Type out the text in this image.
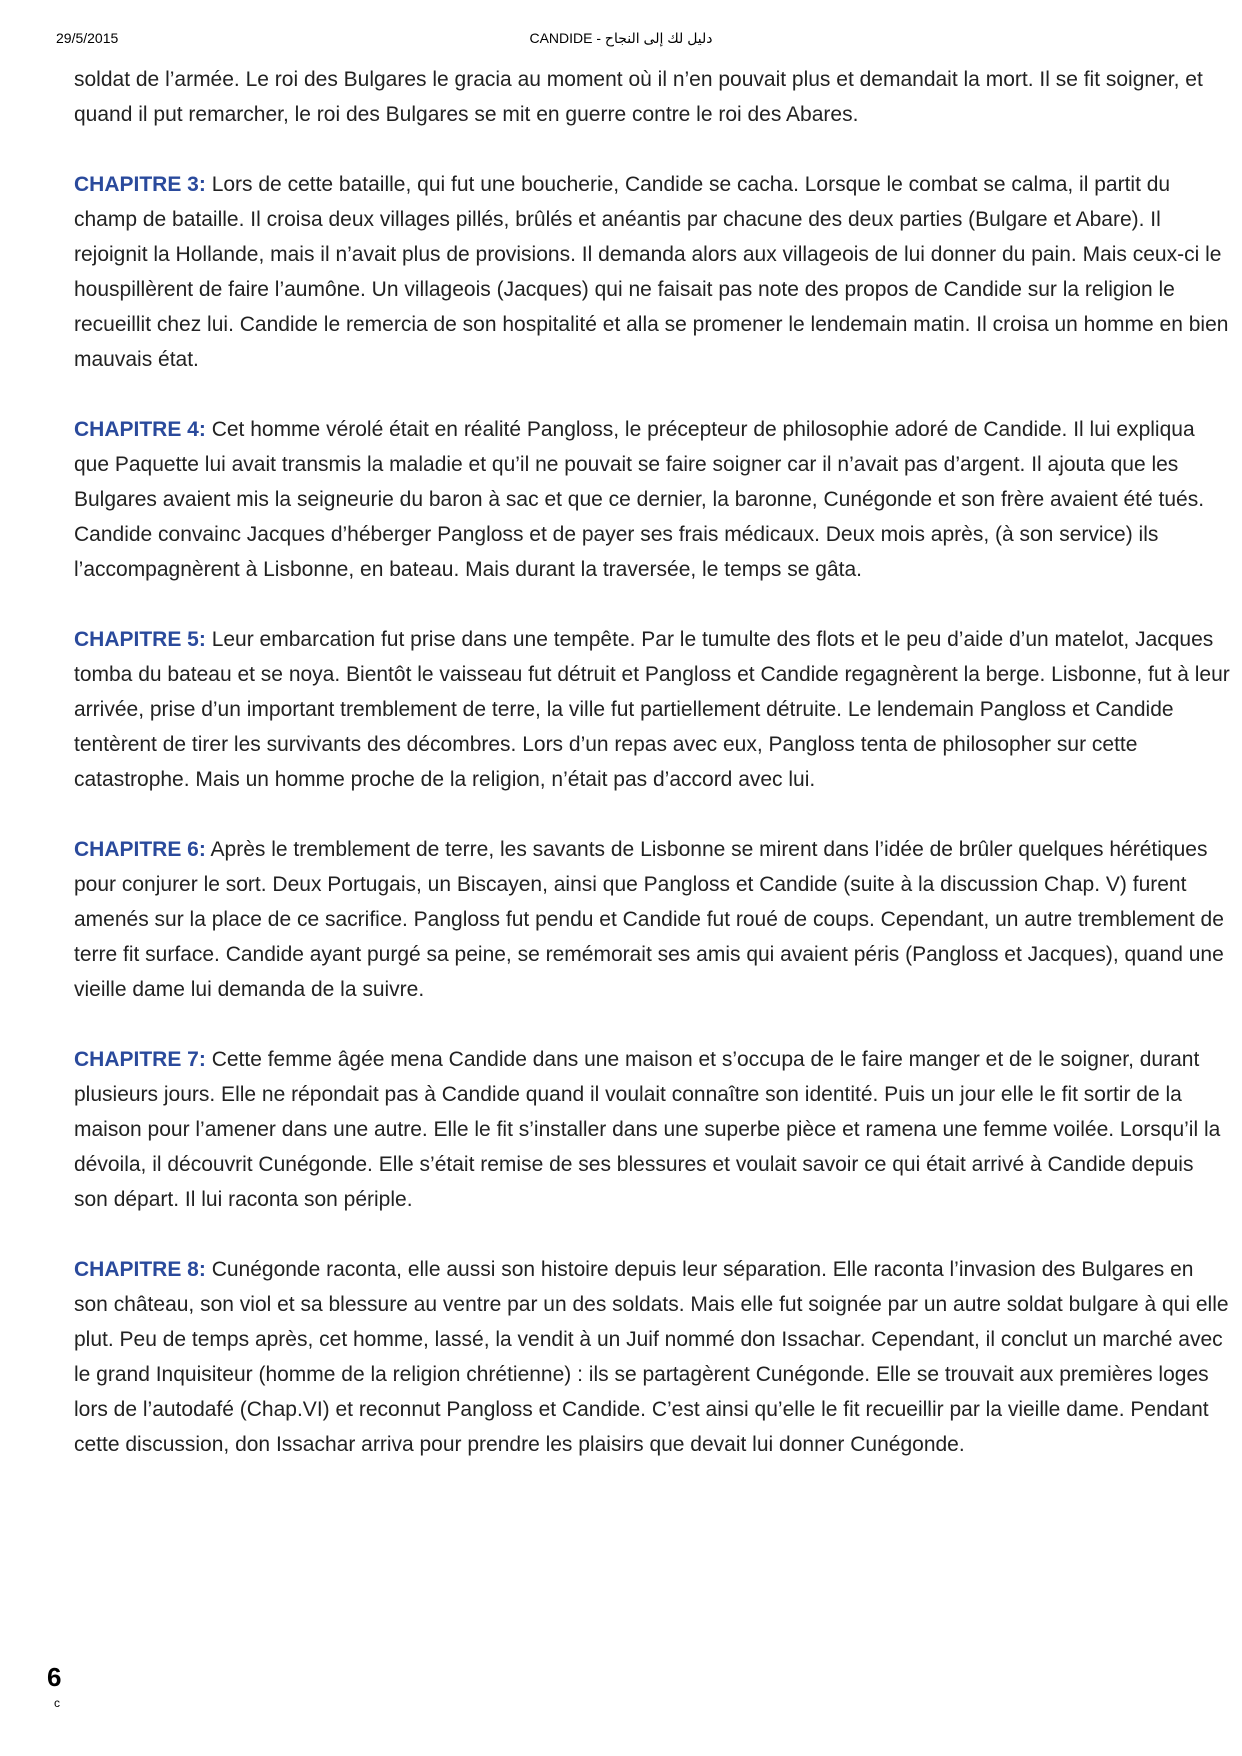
29/5/2015	CANDIDE - دليل لك إلى النجاح

soldat de l’armée. Le roi des Bulgares le gracia au moment où il n’en pouvait plus et demandait la mort. Il se fit soigner, et quand il put remarcher, le roi des Bulgares se mit en guerre contre le roi des Abares.

CHAPITRE 3: Lors de cette bataille, qui fut une boucherie, Candide se cacha. Lorsque le combat se calma, il partit du champ de bataille. Il croisa deux villages pillés, brûlés et anéantis par chacune des deux parties (Bulgare et Abare). Il rejoignit la Hollande, mais il n’avait plus de provisions. Il demanda alors aux villageois de lui donner du pain. Mais ceux-ci le houspillèrent de faire l’aumône. Un villageois (Jacques) qui ne faisait pas note des propos de Candide sur la religion le recueillit chez lui. Candide le remercia de son hospitalité et alla se promener le lendemain matin. Il croisa un homme en bien mauvais état.

CHAPITRE 4: Cet homme vérolé était en réalité Pangloss, le précepteur de philosophie adoré de Candide. Il lui expliqua que Paquette lui avait transmis la maladie et qu’il ne pouvait se faire soigner car il n’avait pas d’argent. Il ajouta que les Bulgares avaient mis la seigneurie du baron à sac et que ce dernier, la baronne, Cunégonde et son frère avaient été tués. Candide convainc Jacques d’héberger Pangloss et de payer ses frais médicaux. Deux mois après, (à son service) ils l’accompagnèrent à Lisbonne, en bateau. Mais durant la traversée, le temps se gâta.

CHAPITRE 5: Leur embarcation fut prise dans une tempête. Par le tumulte des flots et le peu d’aide d’un matelot, Jacques tomba du bateau et se noya. Bientôt le vaisseau fut détruit et Pangloss et Candide regagnèrent la berge. Lisbonne, fut à leur arrivée, prise d’un important tremblement de terre, la ville fut partiellement détruite. Le lendemain Pangloss et Candide tentèrent de tirer les survivants des décombres. Lors d’un repas avec eux, Pangloss tenta de philosopher sur cette catastrophe. Mais un homme proche de la religion, n’était pas d’accord avec lui.

CHAPITRE 6: Après le tremblement de terre, les savants de Lisbonne se mirent dans l’idée de brûler quelques hérétiques pour conjurer le sort. Deux Portugais, un Biscayen, ainsi que Pangloss et Candide (suite à la discussion Chap. V) furent amenés sur la place de ce sacrifice. Pangloss fut pendu et Candide fut roué de coups. Cependant, un autre tremblement de terre fit surface. Candide ayant purgé sa peine, se remémorait ses amis qui avaient péris (Pangloss et Jacques), quand une vieille dame lui demanda de la suivre.

CHAPITRE 7: Cette femme âgée mena Candide dans une maison et s’occupa de le faire manger et de le soigner, durant plusieurs jours. Elle ne répondait pas à Candide quand il voulait connaître son identité. Puis un jour elle le fit sortir de la maison pour l’amener dans une autre. Elle le fit s’installer dans une superbe pièce et ramena une femme voilée. Lorsqu’il la dévoila, il découvrit Cunégonde. Elle s’était remise de ses blessures et voulait savoir ce qui était arrivé à Candide depuis son départ. Il lui raconta son périple.

CHAPITRE 8: Cunégonde raconta, elle aussi son histoire depuis leur séparation. Elle raconta l’invasion des Bulgares en son château, son viol et sa blessure au ventre par un des soldats. Mais elle fut soignée par un autre soldat bulgare à qui elle plut. Peu de temps après, cet homme, lassé, la vendit à un Juif nommé don Issachar. Cependant, il conclut un marché avec le grand Inquisiteur (homme de la religion chrétienne) : ils se partagèrent Cunégonde. Elle se trouvait aux premières loges lors de l’autodafé (Chap.VI) et reconnut Pangloss et Candide. C’est ainsi qu’elle le fit recueillir par la vieille dame. Pendant cette discussion, don Issachar arriva pour prendre les plaisirs que devait lui donner Cunégonde.

6
c
